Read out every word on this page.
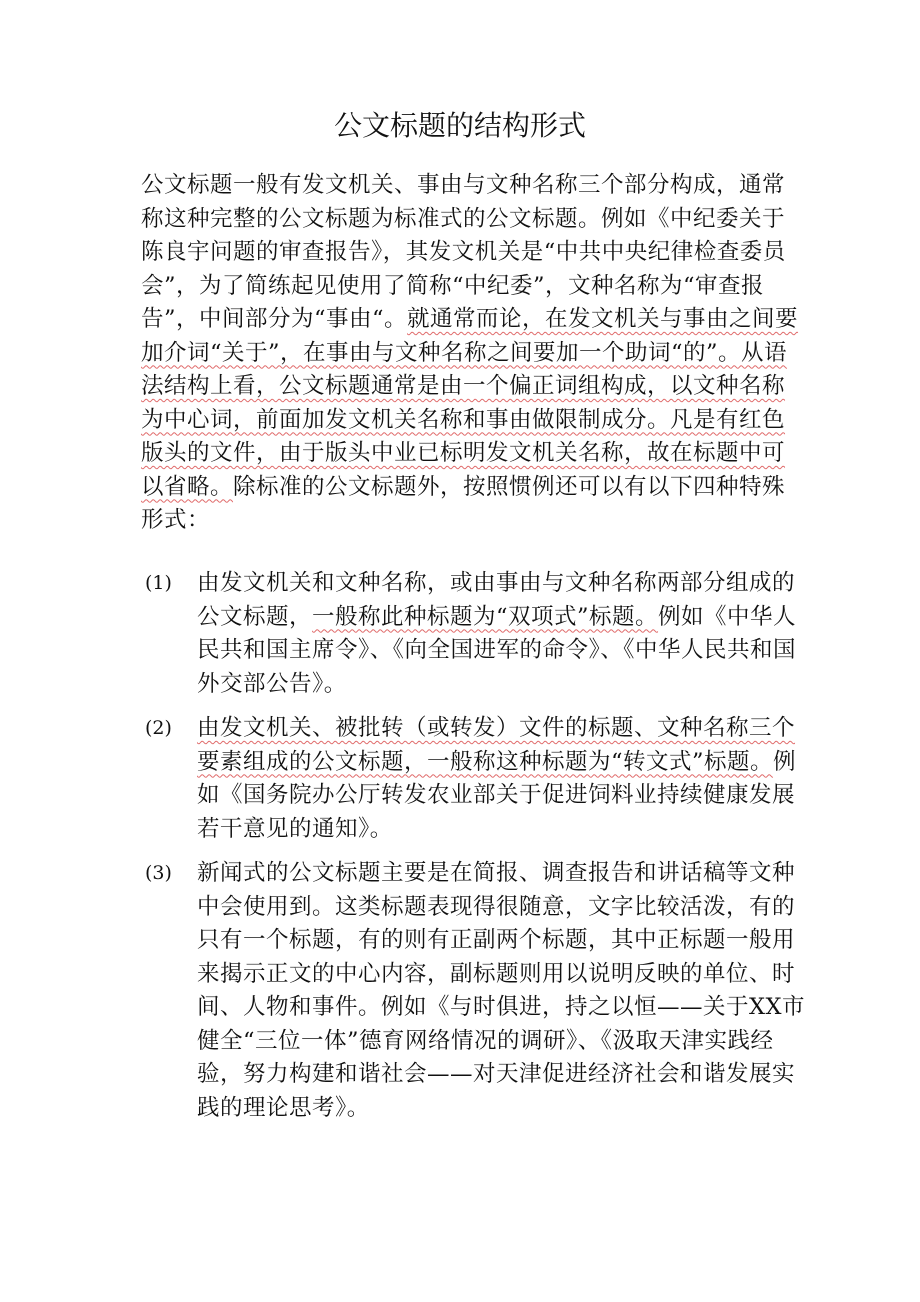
公文标题的结构形式

公文标题一般有发文机关、事由与文种名称三个部分构成，通常称这种完整的公文标题为标准式的公文标题。例如《中纪委关于陈良宇问题的审查报告》，其发文机关是“中共中央纪律检查委员会”，为了简练起见使用了简称“中纪委”，文种名称为“审查报告”，中间部分为“事由“。就通常而论，在发文机关与事由之间要加介词“关于”，在事由与文种名称之间要加一个助词“的”。从语法结构上看，公文标题通常是由一个偏正词组构成，以文种名称为中心词，前面加发文机关名称和事由做限制成分。凡是有红色版头的文件，由于版头中业已标明发文机关名称，故在标题中可以省略。除标准的公文标题外，按照惯例还可以有以下四种特殊形式：

(1) 由发文机关和文种名称，或由事由与文种名称两部分组成的公文标题，一般称此种标题为“双项式”标题。例如《中华人民共和国主席令》、《向全国进军的命令》、《中华人民共和国外交部公告》。
(2) 由发文机关、被批转（或转发）文件的标题、文种名称三个要素组成的公文标题，一般称这种标题为“转文式”标题。例如《国务院办公厅转发农业部关于促进饲料业持续健康发展若干意见的通知》。
(3) 新闻式的公文标题主要是在简报、调查报告和讲话稿等文种中会使用到。这类标题表现得很随意，文字比较活泼，有的只有一个标题，有的则有正副两个标题，其中正标题一般用来揭示正文的中心内容，副标题则用以说明反映的单位、时间、人物和事件。例如《与时俱进，持之以恒——关于XX市健全“三位一体”德育网络情况的调研》、《汲取天津实践经验，努力构建和谐社会——对天津促进经济社会和谐发展实践的理论思考》。
